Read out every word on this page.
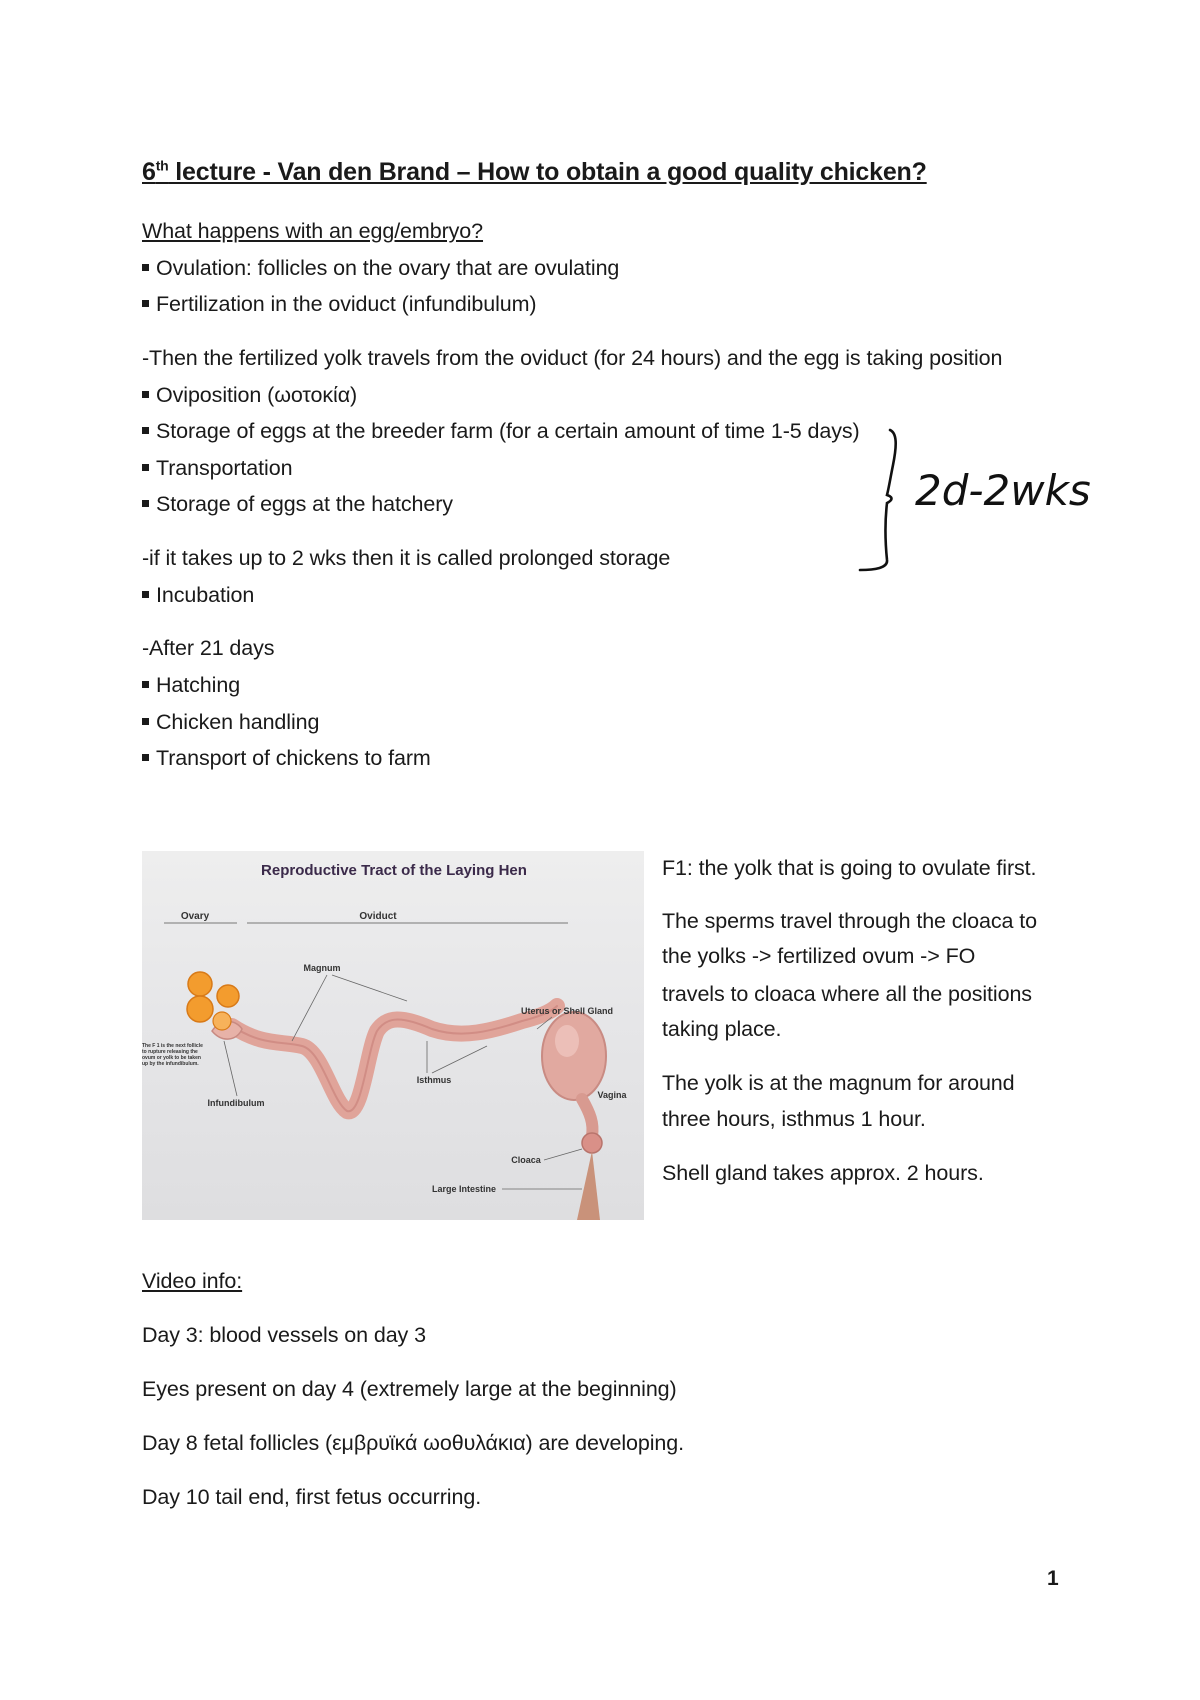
6th lecture - Van den Brand – How to obtain a good quality chicken?
What happens with an egg/embryo?
Ovulation: follicles on the ovary that are ovulating
Fertilization in the oviduct (infundibulum)
-Then the fertilized yolk travels from the oviduct (for 24 hours) and the egg is taking position
Oviposition (ωοτοκία)
Storage of eggs at the breeder farm (for a certain amount of time 1-5 days)
Transportation
Storage of eggs at the hatchery
-if it takes up to 2 wks then it is called prolonged storage
Incubation
-After 21 days
Hatching
Chicken handling
Transport of chickens to farm
2d-2wks
Reproductive Tract of the Laying Hen
Ovary	Oviduct
Magnum
Uterus or Shell Gland
Isthmus
Vagina
Infundibulum
Cloaca
Large Intestine
The F 1 is the next follicle to rupture releasing the ovum or yolk to be taken up by the infundibulum.
F1: the yolk that is going to ovulate first.
The sperms travel through the cloaca to
the yolks -> fertilized ovum -> FO
travels to cloaca where all the positions
taking place.
The yolk is at the magnum for around
three hours, isthmus 1 hour.
Shell gland takes approx. 2 hours.
Video info:
Day 3: blood vessels on day 3
Eyes present on day 4 (extremely large at the beginning)
Day 8 fetal follicles (εμβρυϊκά ωοθυλάκια) are developing.
Day 10 tail end, first fetus occurring.
1
